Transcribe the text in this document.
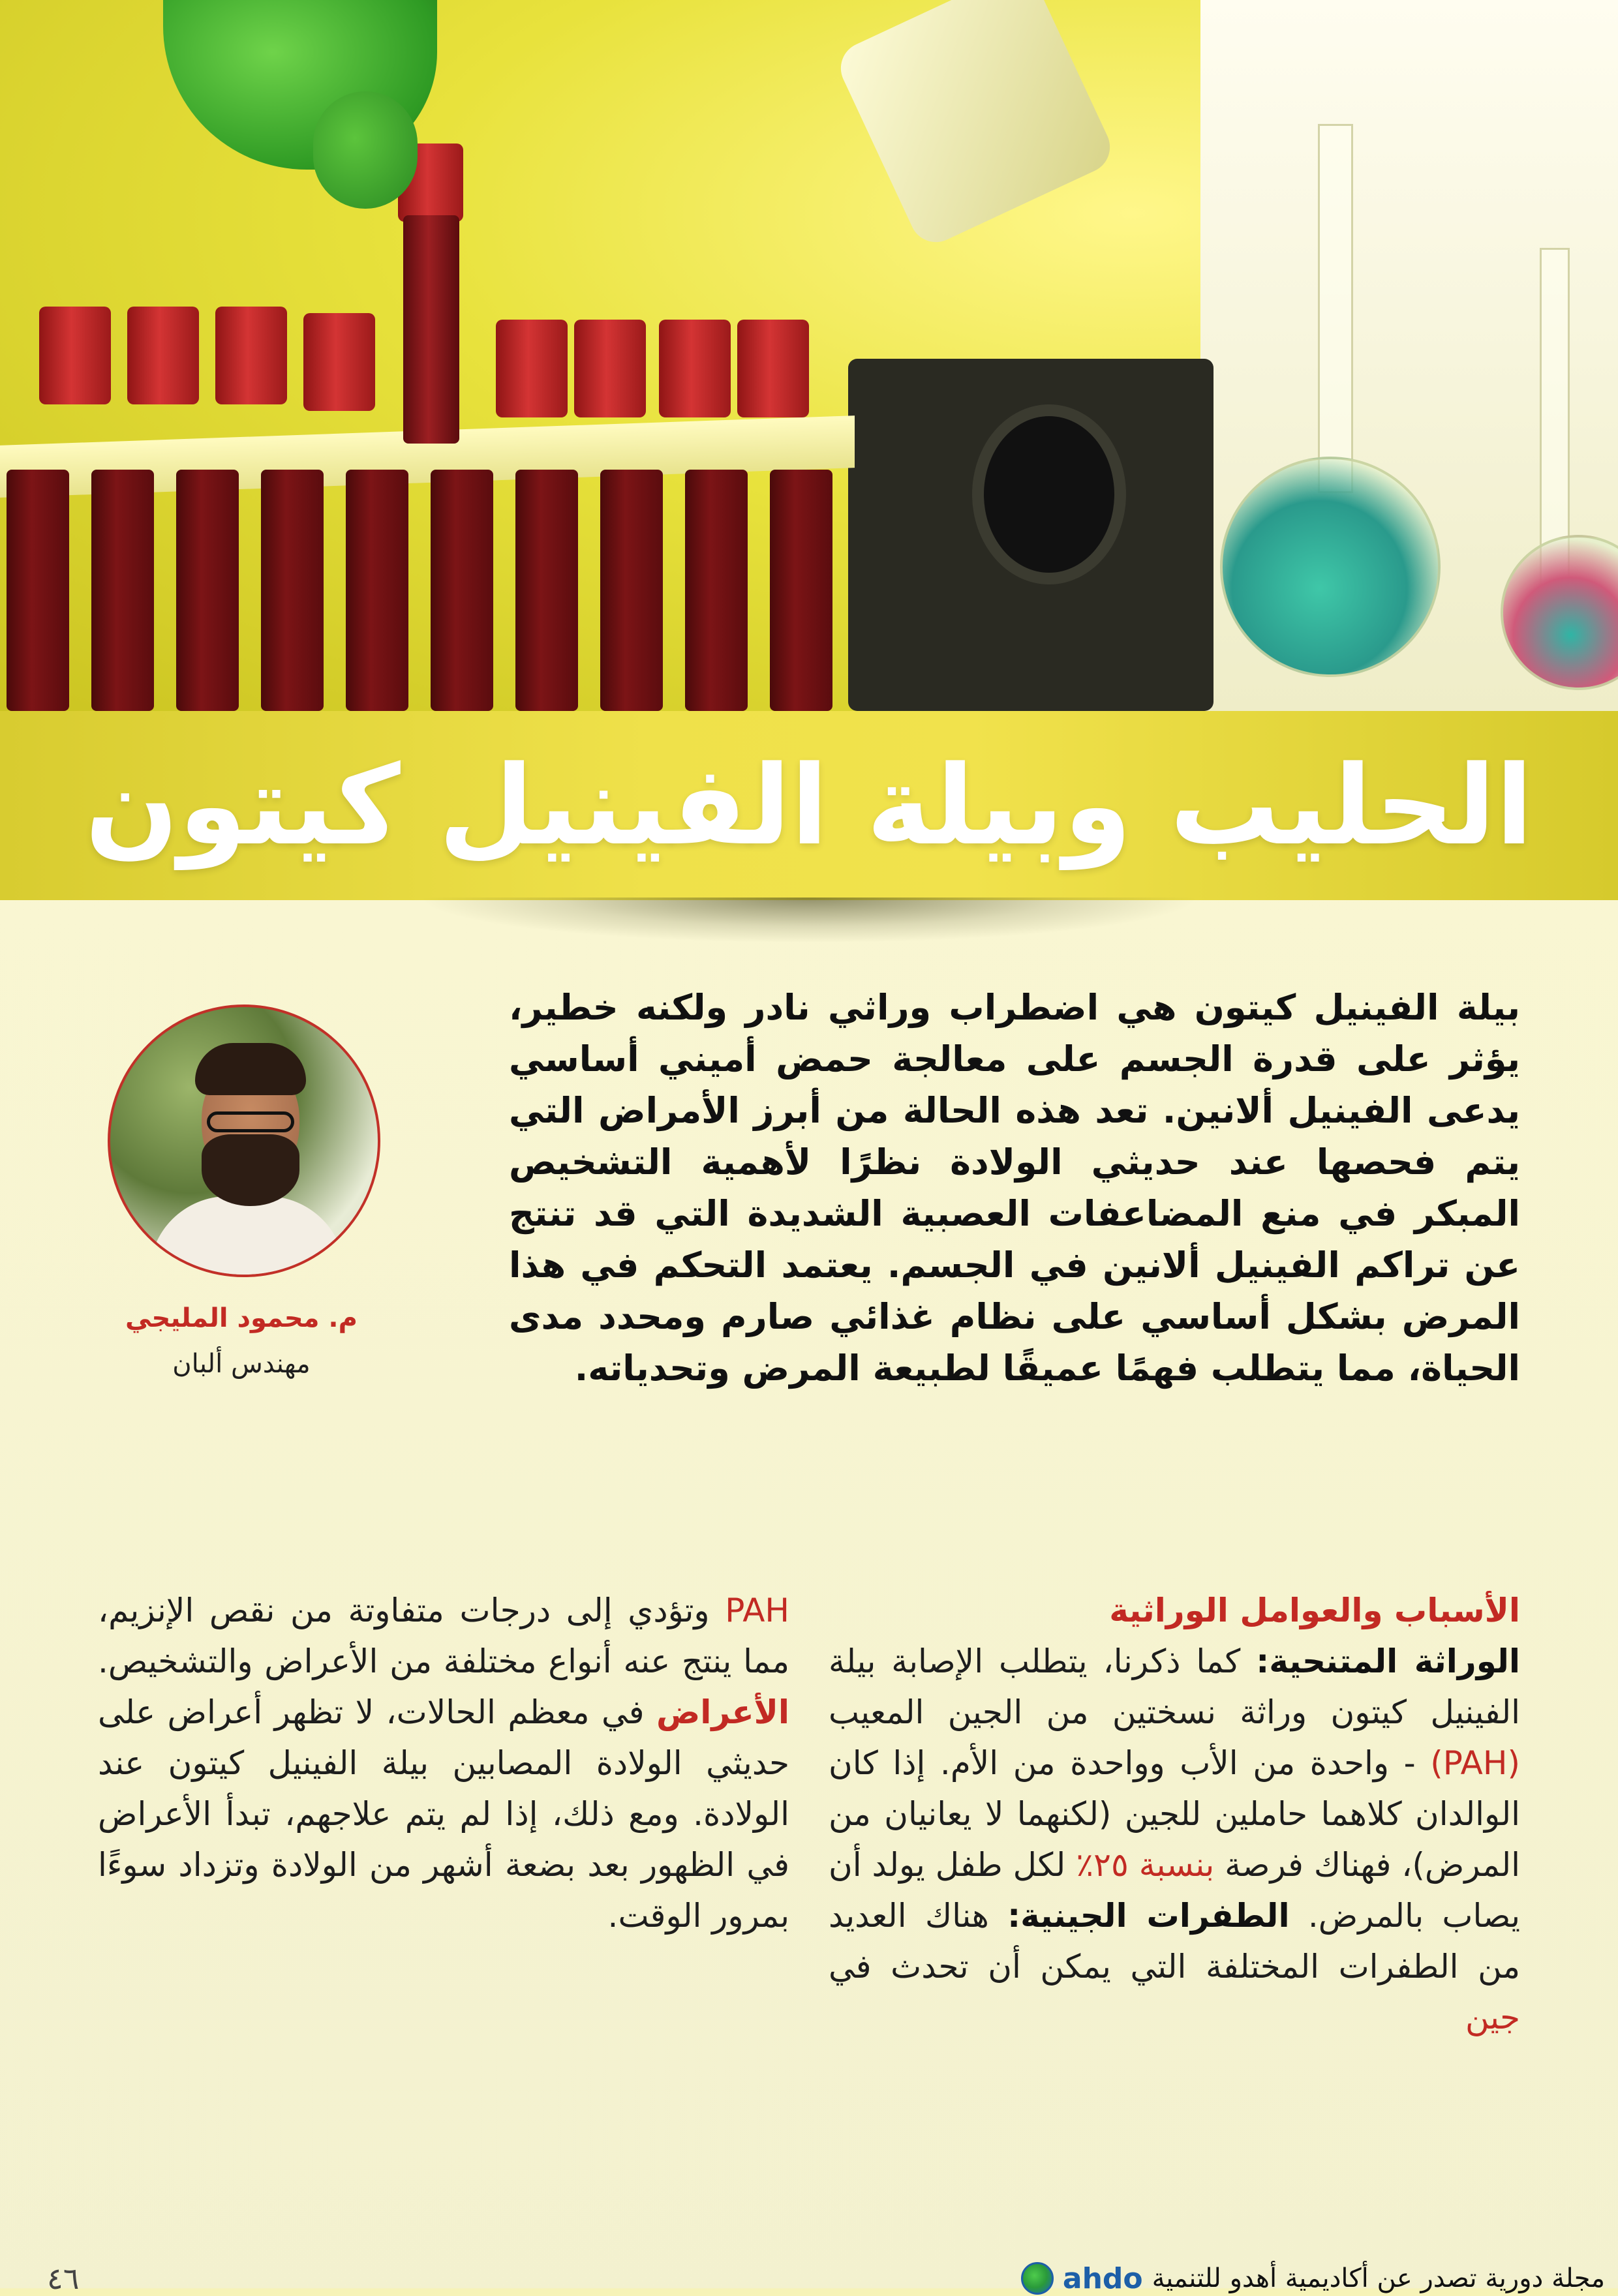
الحليب وبيلة الفينيل كيتون
م. محمود المليجي
مهندس ألبان
بيلة الفينيل كيتون هي اضطراب وراثي نادر ولكنه خطير، يؤثر على قدرة الجسم على معالجة حمض أميني أساسي يدعى الفينيل ألانين. تعد هذه الحالة من أبرز الأمراض التي يتم فحصها عند حديثي الولادة نظرًا لأهمية التشخيص المبكر في منع المضاعفات العصبية الشديدة التي قد تنتج عن تراكم الفينيل ألانين في الجسم. يعتمد التحكم في هذا المرض بشكل أساسي على نظام غذائي صارم ومحدد مدى الحياة، مما يتطلب فهمًا عميقًا لطبيعة المرض وتحدياته.
الأسباب والعوامل الوراثية
الوراثة المتنحية: كما ذكرنا، يتطلب الإصابة بيلة الفينيل كيتون وراثة نسختين من الجين المعيب (PAH) - واحدة من الأب وواحدة من الأم. إذا كان الوالدان كلاهما حاملين للجين (لكنهما لا يعانيان من المرض)، فهناك فرصة بنسبة ٢٥٪ لكل طفل يولد أن يصاب بالمرض. الطفرات الجينية: هناك العديد من الطفرات المختلفة التي يمكن أن تحدث في جين
PAH وتؤدي إلى درجات متفاوتة من نقص الإنزيم، مما ينتج عنه أنواع مختلفة من الأعراض والتشخيص. الأعراض في معظم الحالات، لا تظهر أعراض على حديثي الولادة المصابين بيلة الفينيل كيتون عند الولادة. ومع ذلك، إذا لم يتم علاجهم، تبدأ الأعراض في الظهور بعد بضعة أشهر من الولادة وتزداد سوءًا بمرور الوقت.
٤٦	ahdo مجلة دورية تصدر عن أكاديمية أهدو للتنمية
